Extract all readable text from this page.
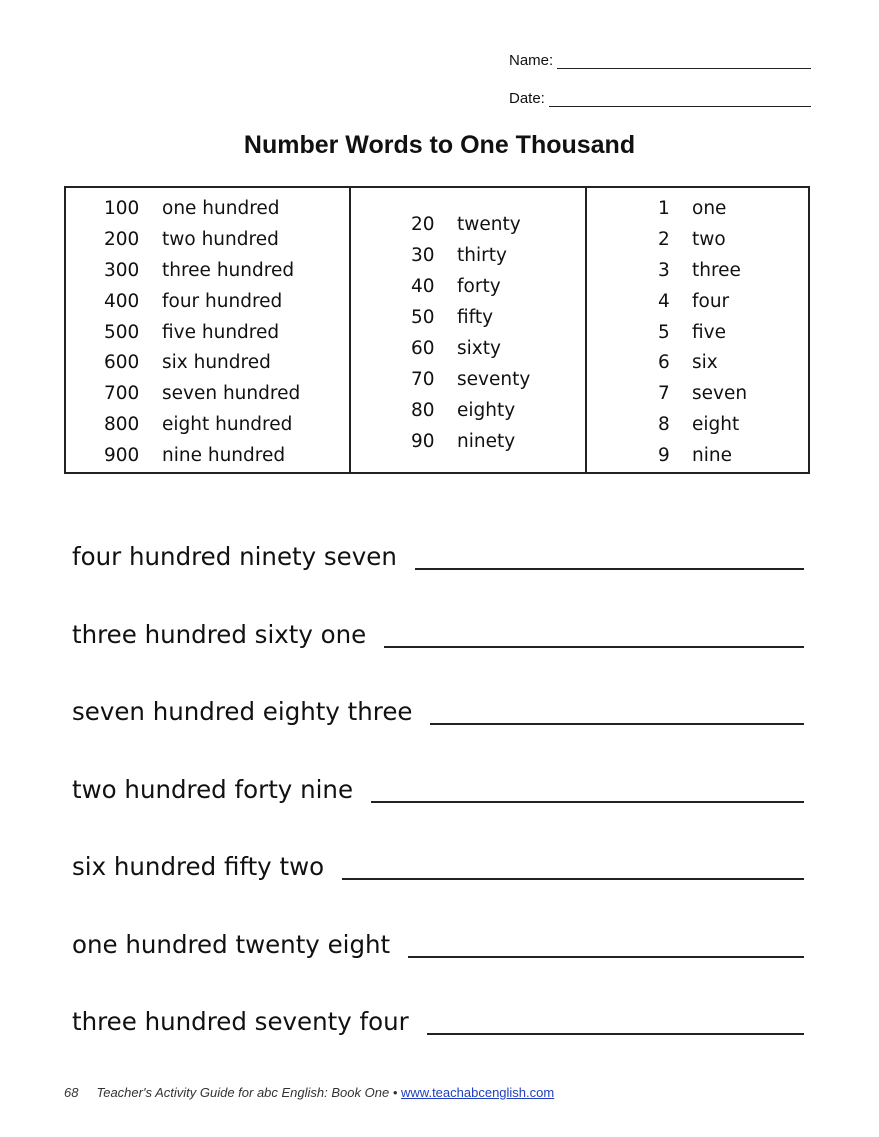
Name:
Date:
Number Words to One Thousand
100	one hundred
200	two hundred
300	three hundred
400	four hundred
500	five hundred
600	six hundred
700	seven hundred
800	eight hundred
900	nine hundred
20	twenty
30	thirty
40	forty
50	fifty
60	sixty
70	seventy
80	eighty
90	ninety
1	one
2	two
3	three
4	four
5	five
6	six
7	seven
8	eight
9	nine
four hundred ninety seven
three hundred sixty one
seven hundred eighty three
two hundred forty nine
six hundred fifty two
one hundred twenty eight
three hundred seventy four
68 Teacher's Activity Guide for abc English: Book One • www.teachabcenglish.com
